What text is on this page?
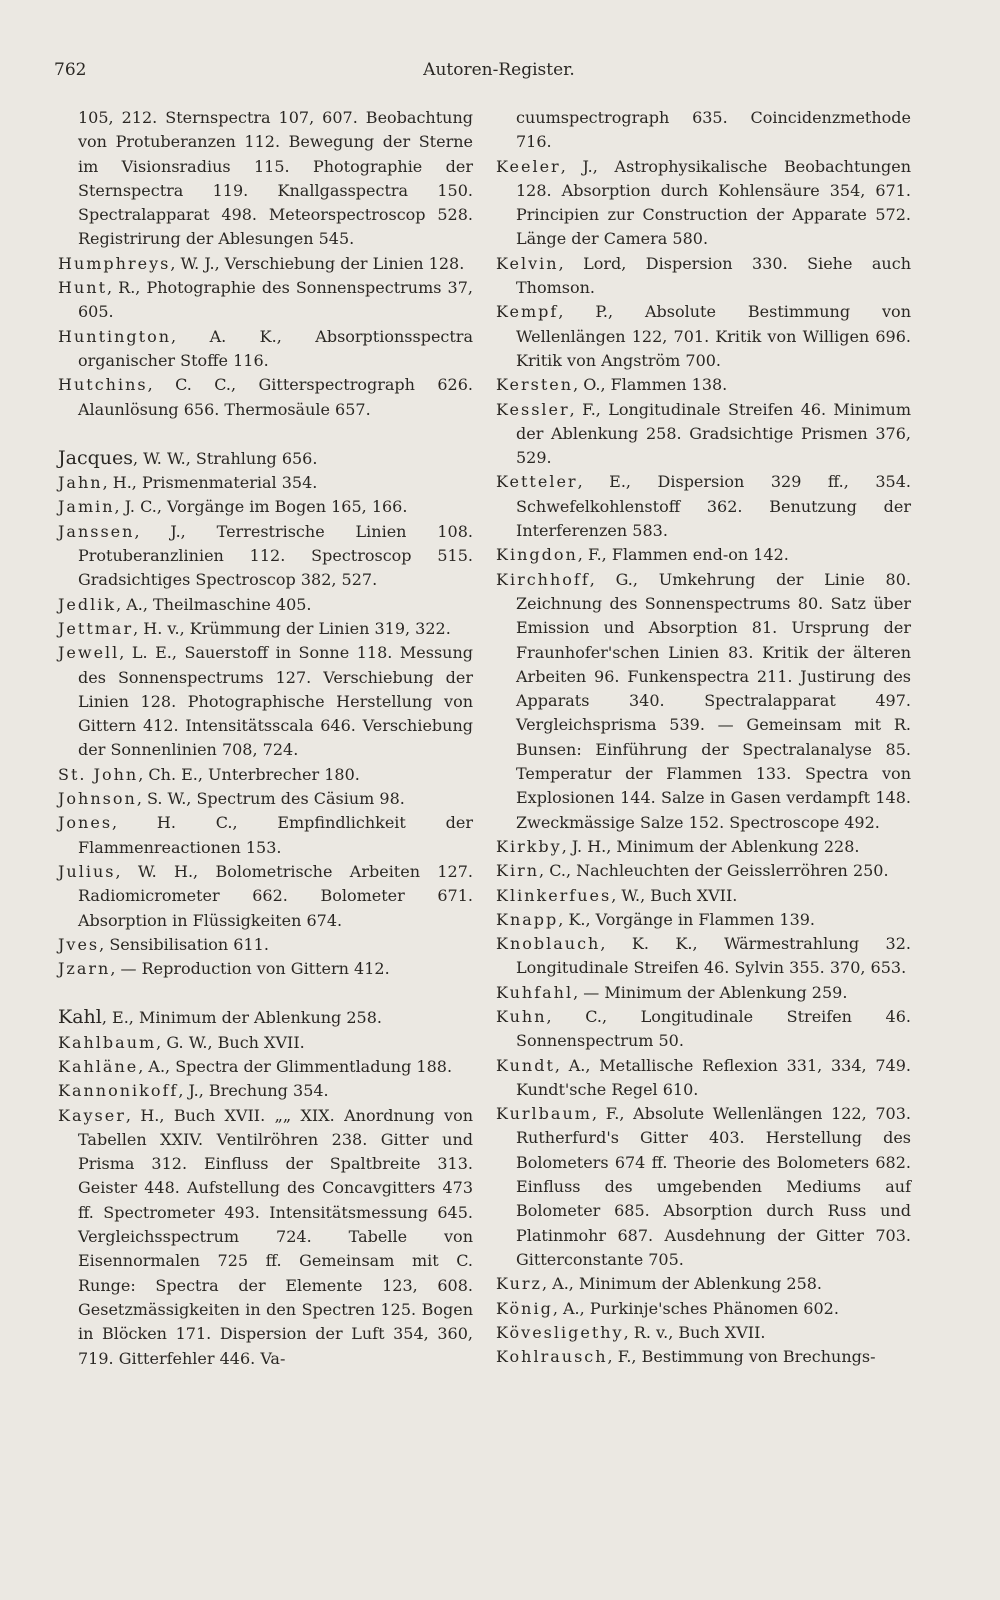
762	Autoren-Register.

105, 212. Sternspectra 107, 607. Beobachtung von Protuberanzen 112. Bewegung der Sterne im Visionsradius 115. Photographie der Sternspectra 119. Knallgasspectra 150. Spectralapparat 498. Meteorspectroscop 528. Registrirung der Ablesungen 545.

Humphreys, W. J., Verschiebung der Linien 128.

Hunt, R., Photographie des Sonnenspectrums 37, 605.

Huntington, A. K., Absorptionsspectra organischer Stoffe 116.

Hutchins, C. C., Gitterspectrograph 626. Alaunlösung 656. Thermosäule 657.

Jacques, W. W., Strahlung 656.

Jahn, H., Prismenmaterial 354.

Jamin, J. C., Vorgänge im Bogen 165, 166.

Janssen, J., Terrestrische Linien 108. Protuberanzlinien 112. Spectroscop 515. Gradsichtiges Spectroscop 382, 527.

Jedlik, A., Theilmaschine 405.

Jettmar, H. v., Krümmung der Linien 319, 322.

Jewell, L. E., Sauerstoff in Sonne 118. Messung des Sonnenspectrums 127. Verschiebung der Linien 128. Photographische Herstellung von Gittern 412. Intensitätsscala 646. Verschiebung der Sonnenlinien 708, 724.

St. John, Ch. E., Unterbrecher 180.

Johnson, S. W., Spectrum des Cäsium 98.

Jones, H. C., Empfindlichkeit der Flammenreactionen 153.

Julius, W. H., Bolometrische Arbeiten 127. Radiomicrometer 662. Bolometer 671. Absorption in Flüssigkeiten 674.

Jves, Sensibilisation 611.

Jzarn, — Reproduction von Gittern 412.

Kahl, E., Minimum der Ablenkung 258.

Kahlbaum, G. W., Buch XVII.

Kahläne, A., Spectra der Glimmentladung 188.

Kannonikoff, J., Brechung 354.

Kayser, H., Buch XVII. „„ XIX. Anordnung von Tabellen XXIV. Ventilröhren 238. Gitter und Prisma 312. Einfluss der Spaltbreite 313. Geister 448. Aufstellung des Concavgitters 473 ff. Spectrometer 493. Intensitätsmessung 645. Vergleichsspectrum 724. Tabelle von Eisennormalen 725 ff. Gemeinsam mit C. Runge: Spectra der Elemente 123, 608. Gesetzmässigkeiten in den Spectren 125. Bogen in Blöcken 171. Dispersion der Luft 354, 360, 719. Gitterfehler 446. Va-

cuumspectrograph 635. Coincidenzmethode 716.

Keeler, J., Astrophysikalische Beobachtungen 128. Absorption durch Kohlensäure 354, 671. Principien zur Construction der Apparate 572. Länge der Camera 580.

Kelvin, Lord, Dispersion 330. Siehe auch Thomson.

Kempf, P., Absolute Bestimmung von Wellenlängen 122, 701. Kritik von Willigen 696. Kritik von Angström 700.

Kersten, O., Flammen 138.

Kessler, F., Longitudinale Streifen 46. Minimum der Ablenkung 258. Gradsichtige Prismen 376, 529.

Ketteler, E., Dispersion 329 ff., 354. Schwefelkohlenstoff 362. Benutzung der Interferenzen 583.

Kingdon, F., Flammen end-on 142.

Kirchhoff, G., Umkehrung der Linie 80. Zeichnung des Sonnenspectrums 80. Satz über Emission und Absorption 81. Ursprung der Fraunhofer'schen Linien 83. Kritik der älteren Arbeiten 96. Funkenspectra 211. Justirung des Apparats 340. Spectralapparat 497. Vergleichsprisma 539. — Gemeinsam mit R. Bunsen: Einführung der Spectralanalyse 85. Temperatur der Flammen 133. Spectra von Explosionen 144. Salze in Gasen verdampft 148. Zweckmässige Salze 152. Spectroscope 492.

Kirkby, J. H., Minimum der Ablenkung 228.

Kirn, C., Nachleuchten der Geisslerröhren 250.

Klinkerfues, W., Buch XVII.

Knapp, K., Vorgänge in Flammen 139.

Knoblauch, K. K., Wärmestrahlung 32. Longitudinale Streifen 46. Sylvin 355. 370, 653.

Kuhfahl, — Minimum der Ablenkung 259.

Kuhn, C., Longitudinale Streifen 46. Sonnenspectrum 50.

Kundt, A., Metallische Reflexion 331, 334, 749. Kundt'sche Regel 610.

Kurlbaum, F., Absolute Wellenlängen 122, 703. Rutherfurd's Gitter 403. Herstellung des Bolometers 674 ff. Theorie des Bolometers 682. Einfluss des umgebenden Mediums auf Bolometer 685. Absorption durch Russ und Platinmohr 687. Ausdehnung der Gitter 703. Gitterconstante 705.

Kurz, A., Minimum der Ablenkung 258.

König, A., Purkinje'sches Phänomen 602.

Kövesligethy, R. v., Buch XVII.

Kohlrausch, F., Bestimmung von Brechungs-
